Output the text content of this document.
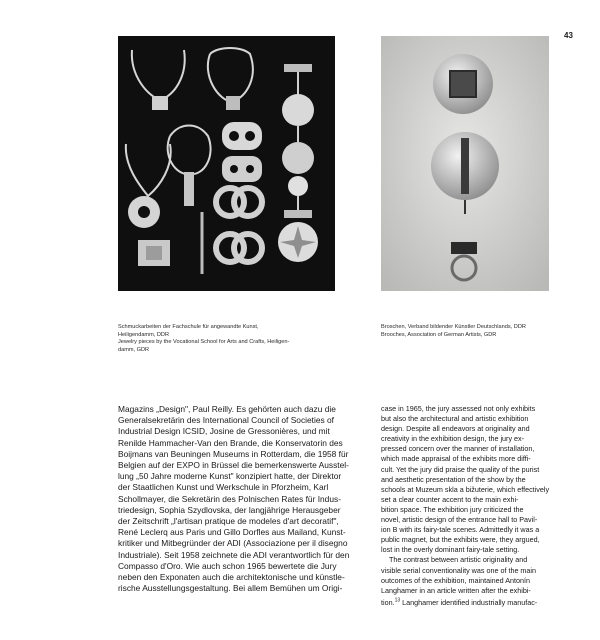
43
Schmuckarbeiten der Fachschule für angewandte Kunst,
Heiligendamm, DDR
Jewelry pieces by the Vocational School for Arts and Crafts, Heiligen-
damm, GDR
Broschen, Verband bildender Künstler Deutschlands, DDR
Brooches, Association of German Artists, GDR
Magazins „Design", Paul Reilly. Es gehörten auch dazu die
Generalsekretärin des International Council of Societies of
Industrial Design ICSID, Josine de Gressonières, und mit
Renilde Hammacher-Van den Brande, die Konservatorin des
Boijmans van Beuningen Museums in Rotterdam, die 1958 für
Belgien auf der EXPO in Brüssel die bemerkenswerte Ausstel-
lung „50 Jahre moderne Kunst" konzipiert hatte, der Direktor
der Staatlichen Kunst und Werkschule in Pforzheim, Karl
Schollmayer, die Sekretärin des Polnischen Rates für Indus-
triedesign, Sophia Szydlovska, der langjährige Herausgeber
der Zeitschrift „l'artisan pratique de modeles d'art decoratif",
René Leclerq aus Paris und Gillo Dorfles aus Mailand, Kunst-
kritiker und Mitbegründer der ADI (Associazione per il disegno
Industriale). Seit 1958 zeichnete die ADI verantwortlich für den
Compasso d'Oro. Wie auch schon 1965 bewertete die Jury
neben den Exponaten auch die architektonische und künstle-
rische Ausstellungsgestaltung. Bei allem Bemühen um Origi-
case in 1965, the jury assessed not only exhibits
but also the architectural and artistic exhibition
design. Despite all endeavors at originality and
creativity in the exhibition design, the jury ex-
pressed concern over the manner of installation,
which made appraisal of the exhibits more diffi-
cult. Yet the jury did praise the quality of the purist
and aesthetic presentation of the show by the
schools at Muzeum sklа a bižuterie, which effectively
set a clear counter accent to the main exhi-
bition space. The exhibition jury criticized the
novel, artistic design of the entrance hall to Pavil-
ion B with its fairy-tale scenes. Admittedly it was a
public magnet, but the exhibits were, they argued,
lost in the overly dominant fairy-tale setting.
The contrast between artistic originality and
visible serial conventionality was one of the main
outcomes of the exhibition, maintained Antonín
Langhamer in an article written after the exhibi-
tion.$^{13}$ Langhamer identified industrially manufac-
